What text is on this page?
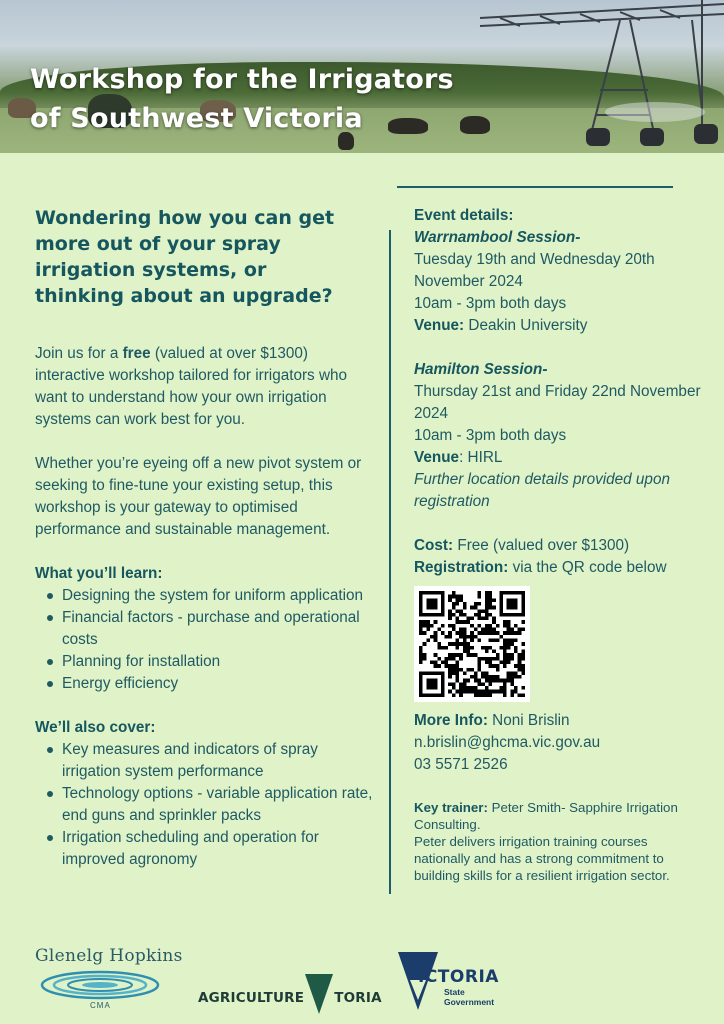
Workshop for the Irrigators
of Southwest Victoria
Wondering how you can get
more out of your spray
irrigation systems, or
thinking about an upgrade?

Join us for a free (valued at over $1300) interactive workshop tailored for irrigators who want to understand how your own irrigation systems can work best for you.

Whether you’re eyeing off a new pivot system or seeking to fine-tune your existing setup, this workshop is your gateway to optimised performance and sustainable management.

What you’ll learn:
Designing the system for uniform application
Financial factors - purchase and operational costs
Planning for installation
Energy efficiency
We’ll also cover:
Key measures and indicators of spray irrigation system performance
Technology options - variable application rate, end guns and sprinkler packs
Irrigation scheduling and operation for improved agronomy
Event details:
Warrnambool Session-
Tuesday 19th and Wednesday 20th November 2024
10am - 3pm both days
Venue: Deakin University
Hamilton Session-
Thursday 21st and Friday 22nd November 2024
10am - 3pm both days
Venue: HIRL
Further location details provided upon registration
Cost: Free (valued over $1300)
Registration: via the QR code below
More Info: Noni Brislin
n.brislin@ghcma.vic.gov.au
03 5571 2526
Key trainer: Peter Smith- Sapphire Irrigation Consulting.
Peter delivers irrigation training courses nationally and has a strong commitment to building skills for a resilient irrigation sector.
Glenelg Hopkins
CMA	AGRICULTURE TORIA
ICTORIA
State
Government
